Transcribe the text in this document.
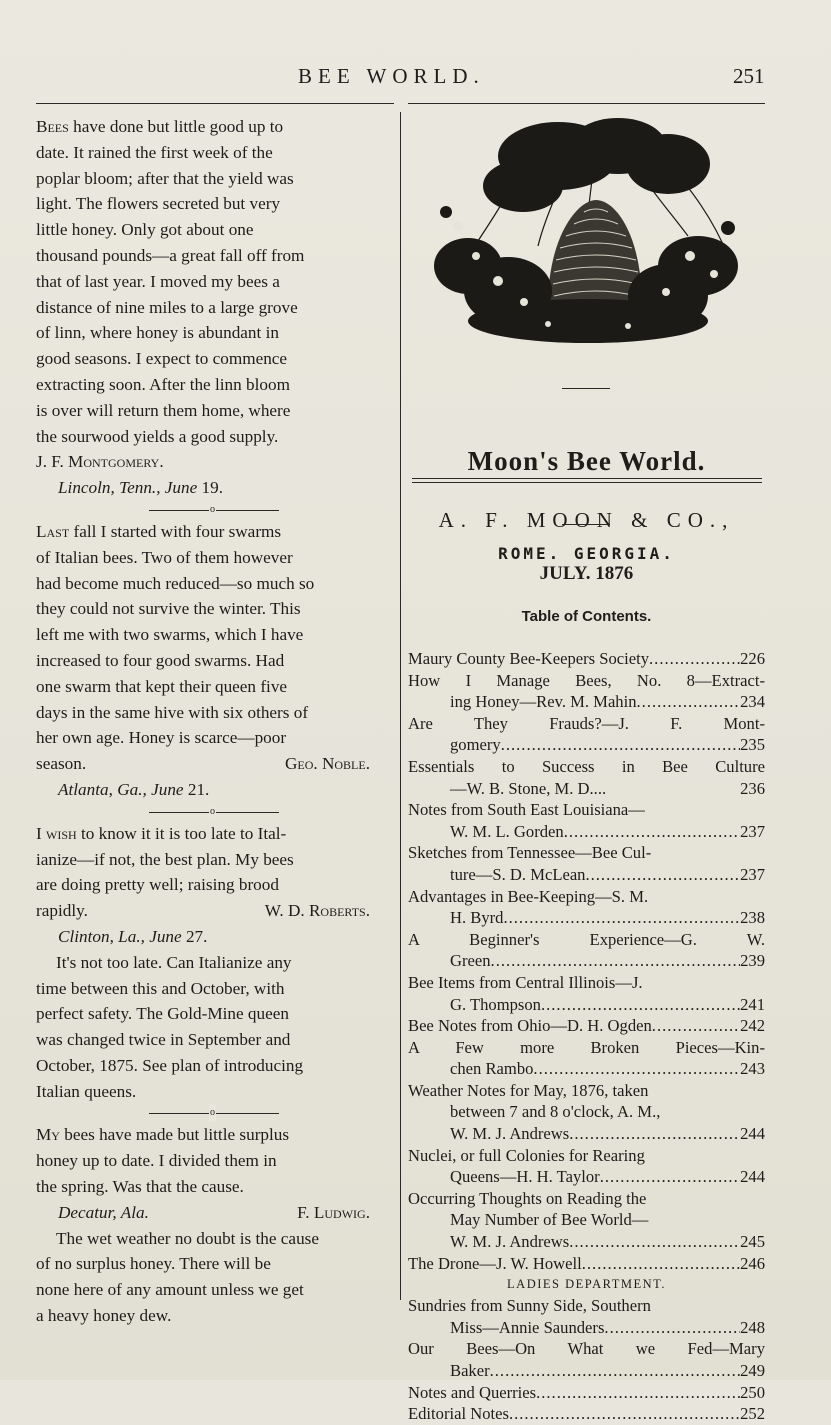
BEE WORLD.	251

Bees have done but little good up to

date. It rained the first week of the

poplar bloom; after that the yield was

light. The flowers secreted but very

little honey. Only got about one

thousand pounds—a great fall off from

that of last year. I moved my bees a

distance of nine miles to a large grove

of linn, where honey is abundant in

good seasons. I expect to commence

extracting soon. After the linn bloom

is over will return them home, where

the sourwood yields a good supply.

J. F. Montgomery.

Lincoln, Tenn., June 19.

o

Last fall I started with four swarms

of Italian bees. Two of them however

had become much reduced—so much so

they could not survive the winter. This

left me with two swarms, which I have

increased to four good swarms. Had

one swarm that kept their queen five

days in the same hive with six others of

her own age. Honey is scarce—poor

season.	Geo. Noble.

Atlanta, Ga., June 21.

o

I wish to know it it is too late to Ital-

ianize—if not, the best plan. My bees

are doing pretty well; raising brood

rapidly.	W. D. Roberts.

Clinton, La., June 27.

It's not too late. Can Italianize any

time between this and October, with

perfect safety. The Gold-Mine queen

was changed twice in September and

October, 1875. See plan of introducing

Italian queens.

o

My bees have made but little surplus

honey up to date. I divided them in

the spring. Was that the cause.

Decatur, Ala.	F. Ludwig.

The wet weather no doubt is the cause

of no surplus honey. There will be

none here of any amount unless we get

a heavy honey dew.

Moon's Bee World.
A. F. MOON & CO.,
ROME. GEORGIA.
JULY. 1876
Table of Contents.
Maury County Bee-Keepers Society .....	226
How I Manage Bees, No. 8—Extract-
ing Honey—Rev. M. Mahin .....	234
Are They Frauds?—J. F. Mont-
gomery .....	235
Essentials to Success in Bee Culture
—W. B. Stone, M. D....	236
Notes from South East Louisiana—
W. M. L. Gorden .....	237
Sketches from Tennessee—Bee Cul-
ture—S. D. McLean .....	237
Advantages in Bee-Keeping—S. M.
H. Byrd .....	238
A Beginner's Experience—G. W.
Green .....	239
Bee Items from Central Illinois—J.
G. Thompson .....	241
Bee Notes from Ohio—D. H. Ogden .....	242
A Few more Broken Pieces—Kin-
chen Rambo .....	243
Weather Notes for May, 1876, taken
between 7 and 8 o'clock, A. M.,
W. M. J. Andrews .....	244
Nuclei, or full Colonies for Rearing
Queens—H. H. Taylor .....	244
Occurring Thoughts on Reading the
May Number of Bee World—
W. M. J. Andrews .....	245
The Drone—J. W. Howell .....	246
LADIES DEPARTMENT.
Sundries from Sunny Side, Southern
Miss—Annie Saunders .....	248
Our Bees—On What we Fed—Mary
Baker .....	249
Notes and Querries .....	250
Editorial Notes .....	252
